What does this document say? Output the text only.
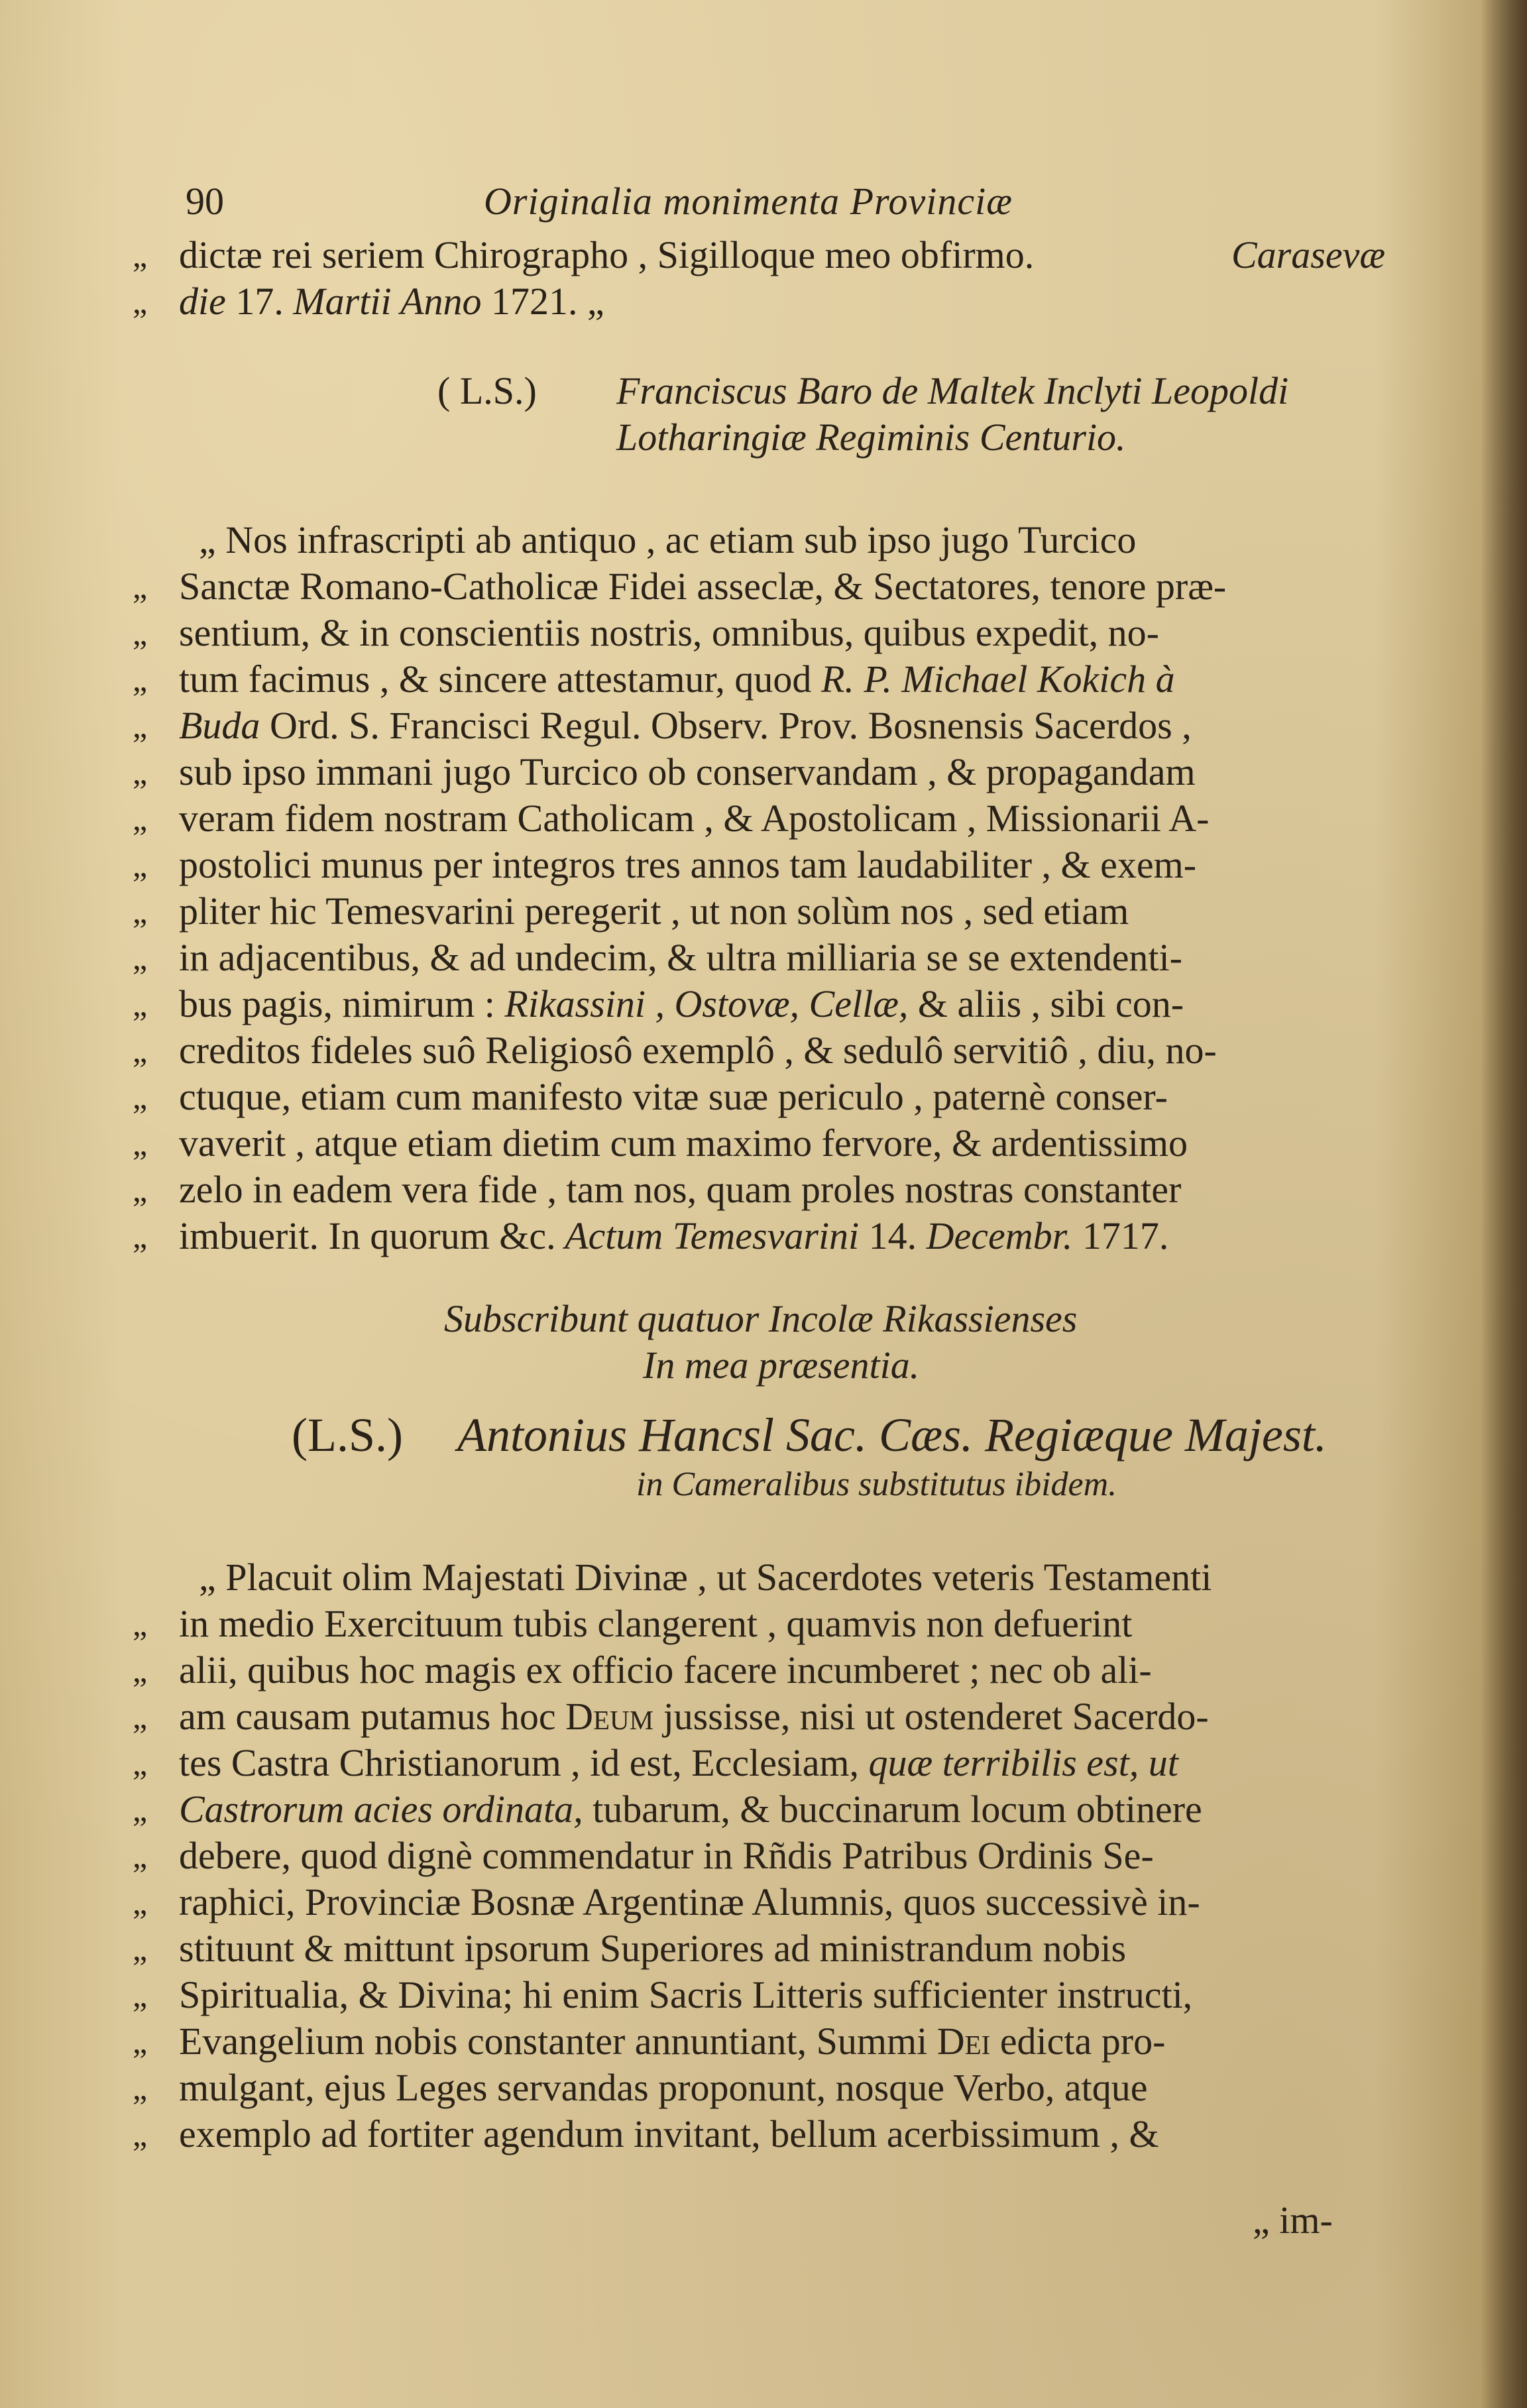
90	Originalia monimenta Provinciæ
„ dictæ rei seriem Chirographo , Sigilloque meo obfirmo.	Carasevæ
„ die 17. Martii Anno 1721. „
( L.S.)	Franciscus Baro de Maltek Inclyti Leopoldi
Lotharingiæ Regiminis Centurio.
„ Nos infrascripti ab antiquo , ac etiam sub ipso jugo Turcico
„ Sanctæ Romano-Catholicæ Fidei asseclæ, & Sectatores, tenore præ-
„ sentium, & in conscientiis nostris, omnibus, quibus expedit, no-
„ tum facimus , & sincere attestamur, quod R. P. Michael Kokich à
„ Buda Ord. S. Francisci Regul. Observ. Prov. Bosnensis Sacerdos ,
„ sub ipso immani jugo Turcico ob conservandam , & propagandam
„ veram fidem nostram Catholicam , & Apostolicam , Missionarii A-
„ postolici munus per integros tres annos tam laudabiliter , & exem-
„ pliter hic Temesvarini peregerit , ut non solùm nos , sed etiam
„ in adjacentibus, & ad undecim, & ultra milliaria se se extendenti-
„ bus pagis, nimirum : Rikassini , Ostovæ, Cellæ, & aliis , sibi con-
„ creditos fideles suô Religiosô exemplô , & sedulô servitiô , diu, no-
„ ctuque, etiam cum manifesto vitæ suæ periculo , paternè conser-
„ vaverit , atque etiam dietim cum maximo fervore, & ardentissimo
„ zelo in eadem vera fide , tam nos, quam proles nostras constanter
„ imbuerit. In quorum &c. Actum Temesvarini 14. Decembr. 1717.
Subscribunt quatuor Incolæ Rikassienses
In mea præsentia.
(L.S.)	Antonius Hancsl Sac. Cæs. Regiæque Majest.
in Cameralibus substitutus ibidem.
„ Placuit olim Majestati Divinæ , ut Sacerdotes veteris Testamenti
„ in medio Exercituum tubis clangerent , quamvis non defuerint
„ alii, quibus hoc magis ex officio facere incumberet ; nec ob ali-
„ am causam putamus hoc Deum jussisse, nisi ut ostenderet Sacerdo-
„ tes Castra Christianorum , id est, Ecclesiam, quæ terribilis est, ut
„ Castrorum acies ordinata, tubarum, & buccinarum locum obtinere
„ debere, quod dignè commendatur in Rñdis Patribus Ordinis Se-
„ raphici, Provinciæ Bosnæ Argentinæ Alumnis, quos successivè in-
„ stituunt & mittunt ipsorum Superiores ad ministrandum nobis
„ Spiritualia, & Divina; hi enim Sacris Litteris sufficienter instructi,
„ Evangelium nobis constanter annuntiant, Summi Dei edicta pro-
„ mulgant, ejus Leges servandas proponunt, nosque Verbo, atque
„ exemplo ad fortiter agendum invitant, bellum acerbissimum , &
„ im-
